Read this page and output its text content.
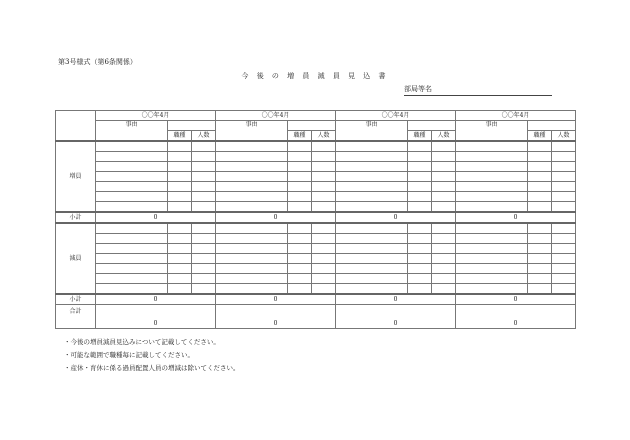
第3号様式（第6条関係）
今 後 の 増 員 減 員 見 込 書
部局等名
	〇〇年4月			〇〇年4月			〇〇年4月			〇〇年4月		
	事由			事由			事由			事由		
		職種	人数		職種	人数		職種	人数		職種	人数
増員												

小計	0			0			0			0		
減員												

小計	0			0			0			0		
合計	0			0			0			0		
・今後の増員減員見込みについて記載してください。
・可能な範囲で職種毎に記載してください。
・産休・育休に係る過員配置人員の増減は除いてください。
